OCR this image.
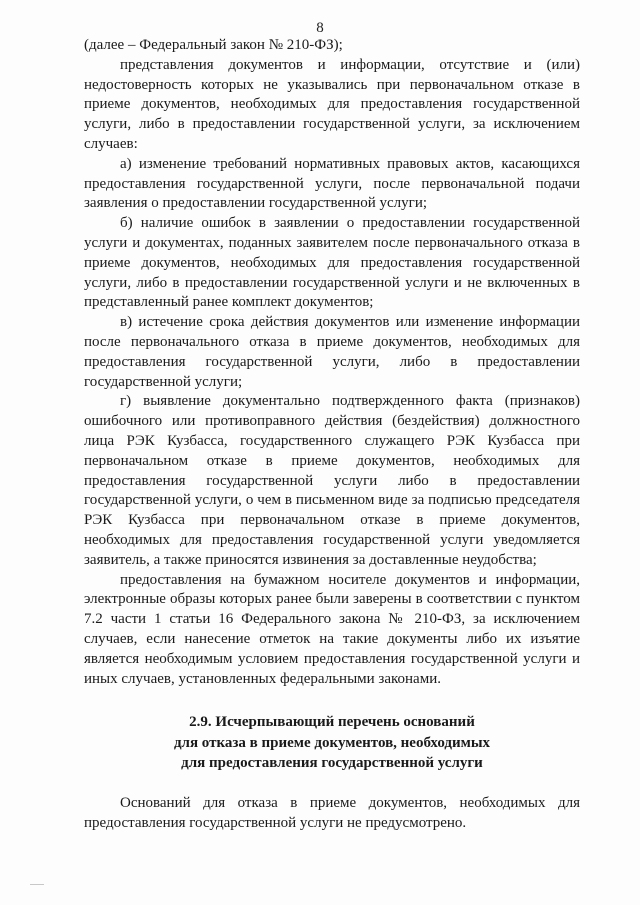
8

(далее – Федеральный закон № 210-ФЗ);

представления документов и информации, отсутствие и (или) недостоверность которых не указывались при первоначальном отказе в приеме документов, необходимых для предоставления государственной услуги, либо в предоставлении государственной услуги, за исключением случаев:

а) изменение требований нормативных правовых актов, касающихся предоставления государственной услуги, после первоначальной подачи заявления о предоставлении государственной услуги;

б) наличие ошибок в заявлении о предоставлении государственной услуги и документах, поданных заявителем после первоначального отказа в приеме документов, необходимых для предоставления государственной услуги, либо в предоставлении государственной услуги и не включенных в представленный ранее комплект документов;

в) истечение срока действия документов или изменение информации после первоначального отказа в приеме документов, необходимых для предоставления государственной услуги, либо в предоставлении государственной услуги;

г) выявление документально подтвержденного факта (признаков) ошибочного или противоправного действия (бездействия) должностного лица РЭК Кузбасса, государственного служащего РЭК Кузбасса при первоначальном отказе в приеме документов, необходимых для предоставления государственной услуги либо в предоставлении государственной услуги, о чем в письменном виде за подписью председателя РЭК Кузбасса при первоначальном отказе в приеме документов, необходимых для предоставления государственной услуги уведомляется заявитель, а также приносятся извинения за доставленные неудобства;

предоставления на бумажном носителе документов и информации, электронные образы которых ранее были заверены в соответствии с пунктом 7.2 части 1 статьи 16 Федерального закона № 210-ФЗ, за исключением случаев, если нанесение отметок на такие документы либо их изъятие является необходимым условием предоставления государственной услуги и иных случаев, установленных федеральными законами.

2.9. Исчерпывающий перечень оснований
для отказа в приеме документов, необходимых
для предоставления государственной услуги

Оснований для отказа в приеме документов, необходимых для предоставления государственной услуги не предусмотрено.
